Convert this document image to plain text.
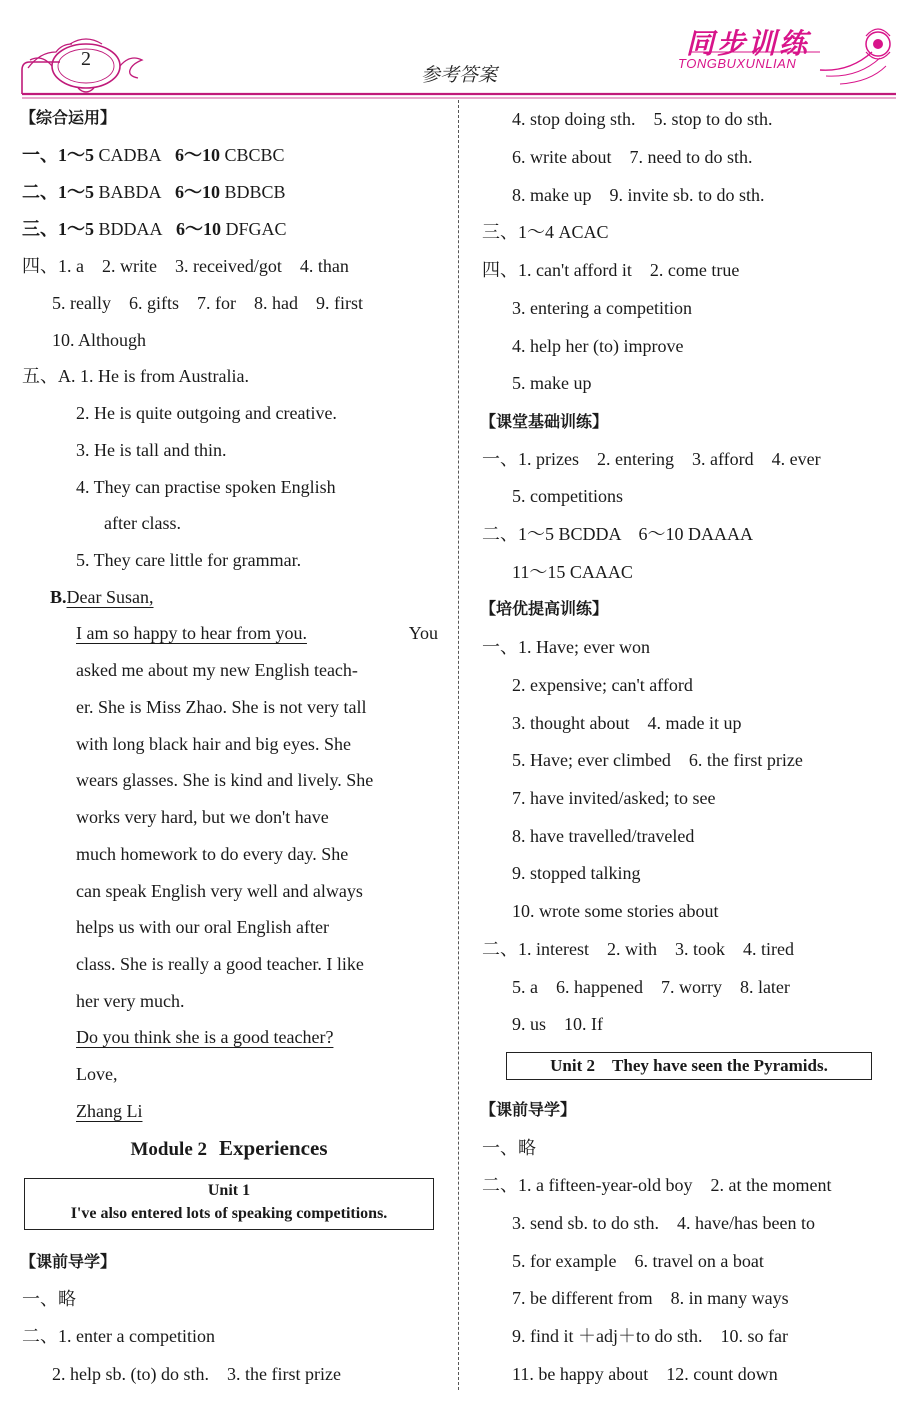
2
参考答案
同步训练
TONGBUXUNLIAN
【综合运用】
一、1～5 CADBA 6～10 CBCBC
二、1～5 BABDA 6～10 BDBCB
三、1～5 BDDAA 6～10 DFGAC
四、1. a　2. write　3. received/got　4. than
5. really　6. gifts　7. for　8. had　9. first
10. Although
五、A. 1. He is from Australia.
2. He is quite outgoing and creative.
3. He is tall and thin.
4. They can practise spoken English
after class.
5. They care little for grammar.
B.Dear Susan,
I am so happy to hear from you.	You
asked me about my new English teach-
er. She is Miss Zhao. She is not very tall
with long black hair and big eyes. She
wears glasses. She is kind and lively. She
works very hard, but we don't have
much homework to do every day. She
can speak English very well and always
helps us with our oral English after
class. She is really a good teacher. I like
her very much.
Do you think she is a good teacher?
Love,
Zhang Li
Module 2 Experiences
Unit 1
I've also entered lots of speaking competitions.
【课前导学】
一、略
二、1. enter a competition
2. help sb. (to) do sth.　3. the first prize
4. stop doing sth.　5. stop to do sth.
6. write about　7. need to do sth.
8. make up　9. invite sb. to do sth.
三、1～4 ACAC
四、1. can't afford it　2. come true
3. entering a competition
4. help her (to) improve
5. make up
【课堂基础训练】
一、1. prizes　2. entering　3. afford　4. ever
5. competitions
二、1～5 BCDDA　6～10 DAAAA
11～15 CAAAC
【培优提高训练】
一、1. Have; ever won
2. expensive; can't afford
3. thought about　4. made it up
5. Have; ever climbed　6. the first prize
7. have invited/asked; to see
8. have travelled/traveled
9. stopped talking
10. wrote some stories about
二、1. interest　2. with　3. took　4. tired
5. a　6. happened　7. worry　8. later
9. us　10. If
Unit 2　They have seen the Pyramids.
【课前导学】
一、略
二、1. a fifteen-year-old boy　2. at the moment
3. send sb. to do sth.　4. have/has been to
5. for example　6. travel on a boat
7. be different from　8. in many ways
9. find it ＋adj＋to do sth.　10. so far
11. be happy about　12. count down
